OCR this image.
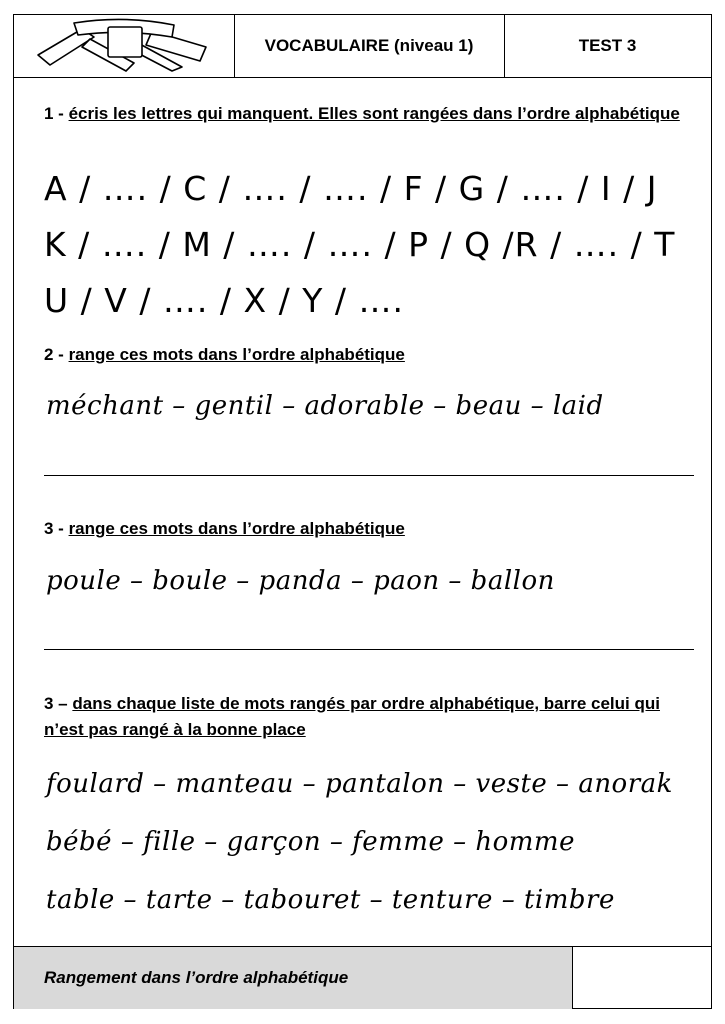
VOCABULAIRE (niveau 1)	TEST 3
1 - écris les lettres qui manquent. Elles sont rangées dans l’ordre alphabétique
A / …. / C / …. / …. / F / G / …. / I / J
K / …. / M / …. / …. / P / Q /R / …. / T
U / V / …. / X / Y / ….
2 - range ces mots dans l’ordre alphabétique
méchant – gentil – adorable – beau – laid
3 - range ces mots dans l’ordre alphabétique
poule – boule – panda – paon – ballon
3 – dans chaque liste de mots rangés par ordre alphabétique, barre celui qui n’est pas rangé à la bonne place
foulard – manteau – pantalon – veste – anorak
bébé – fille – garçon – femme – homme
table – tarte – tabouret – tenture – timbre
Rangement dans l’ordre alphabétique
